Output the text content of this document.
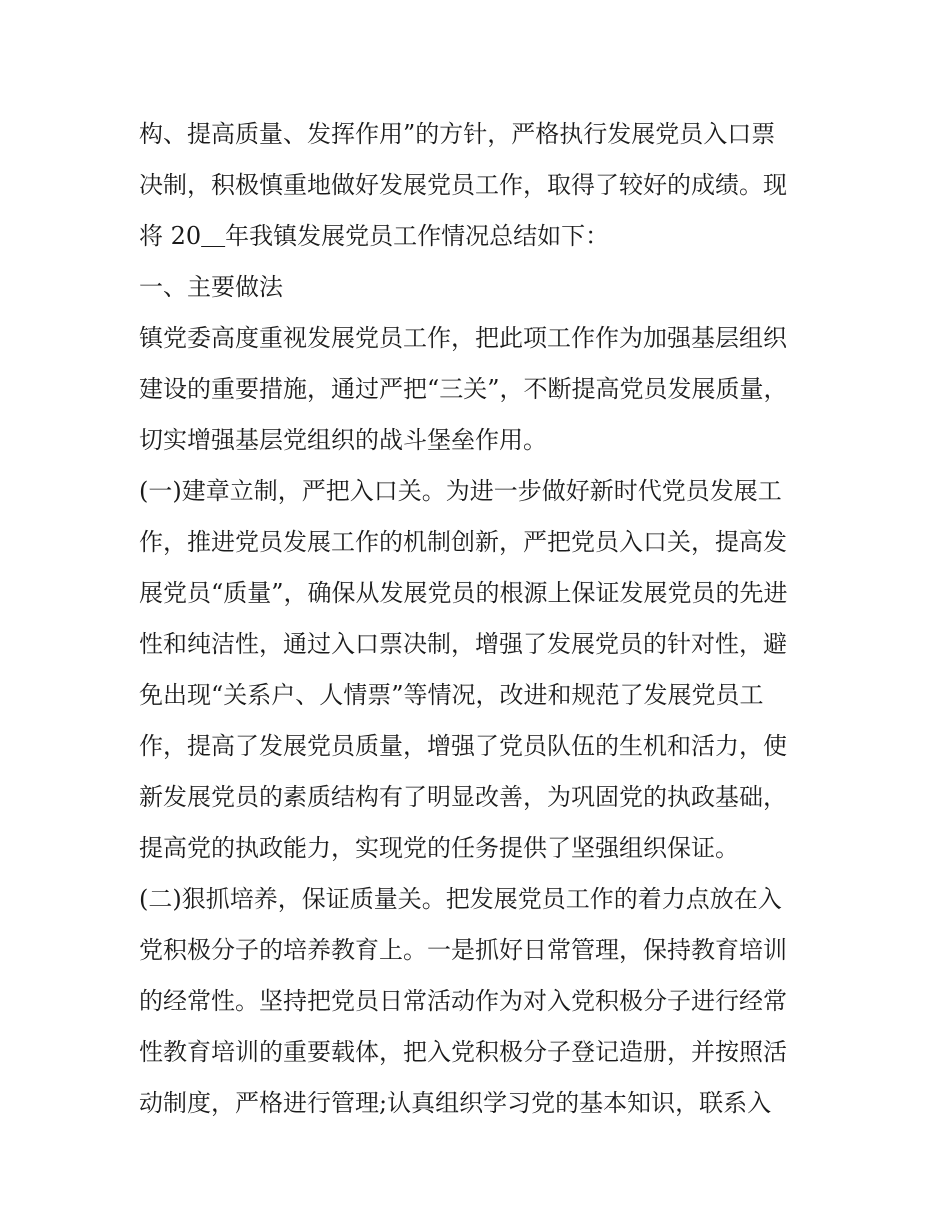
构、提高质量、发挥作用”的方针，严格执行发展党员入口票
决制，积极慎重地做好发展党员工作，取得了较好的成绩。现
将 20＿年我镇发展党员工作情况总结如下：
一、主要做法
镇党委高度重视发展党员工作，把此项工作作为加强基层组织
建设的重要措施，通过严把“三关”，不断提高党员发展质量，
切实增强基层党组织的战斗堡垒作用。
(一)建章立制，严把入口关。为进一步做好新时代党员发展工
作，推进党员发展工作的机制创新，严把党员入口关，提高发
展党员“质量”，确保从发展党员的根源上保证发展党员的先进
性和纯洁性，通过入口票决制，增强了发展党员的针对性，避
免出现“关系户、人情票”等情况，改进和规范了发展党员工
作，提高了发展党员质量，增强了党员队伍的生机和活力，使
新发展党员的素质结构有了明显改善，为巩固党的执政基础，
提高党的执政能力，实现党的任务提供了坚强组织保证。
(二)狠抓培养，保证质量关。把发展党员工作的着力点放在入
党积极分子的培养教育上。一是抓好日常管理，保持教育培训
的经常性。坚持把党员日常活动作为对入党积极分子进行经常
性教育培训的重要载体，把入党积极分子登记造册，并按照活
动制度，严格进行管理;认真组织学习党的基本知识，联系入
